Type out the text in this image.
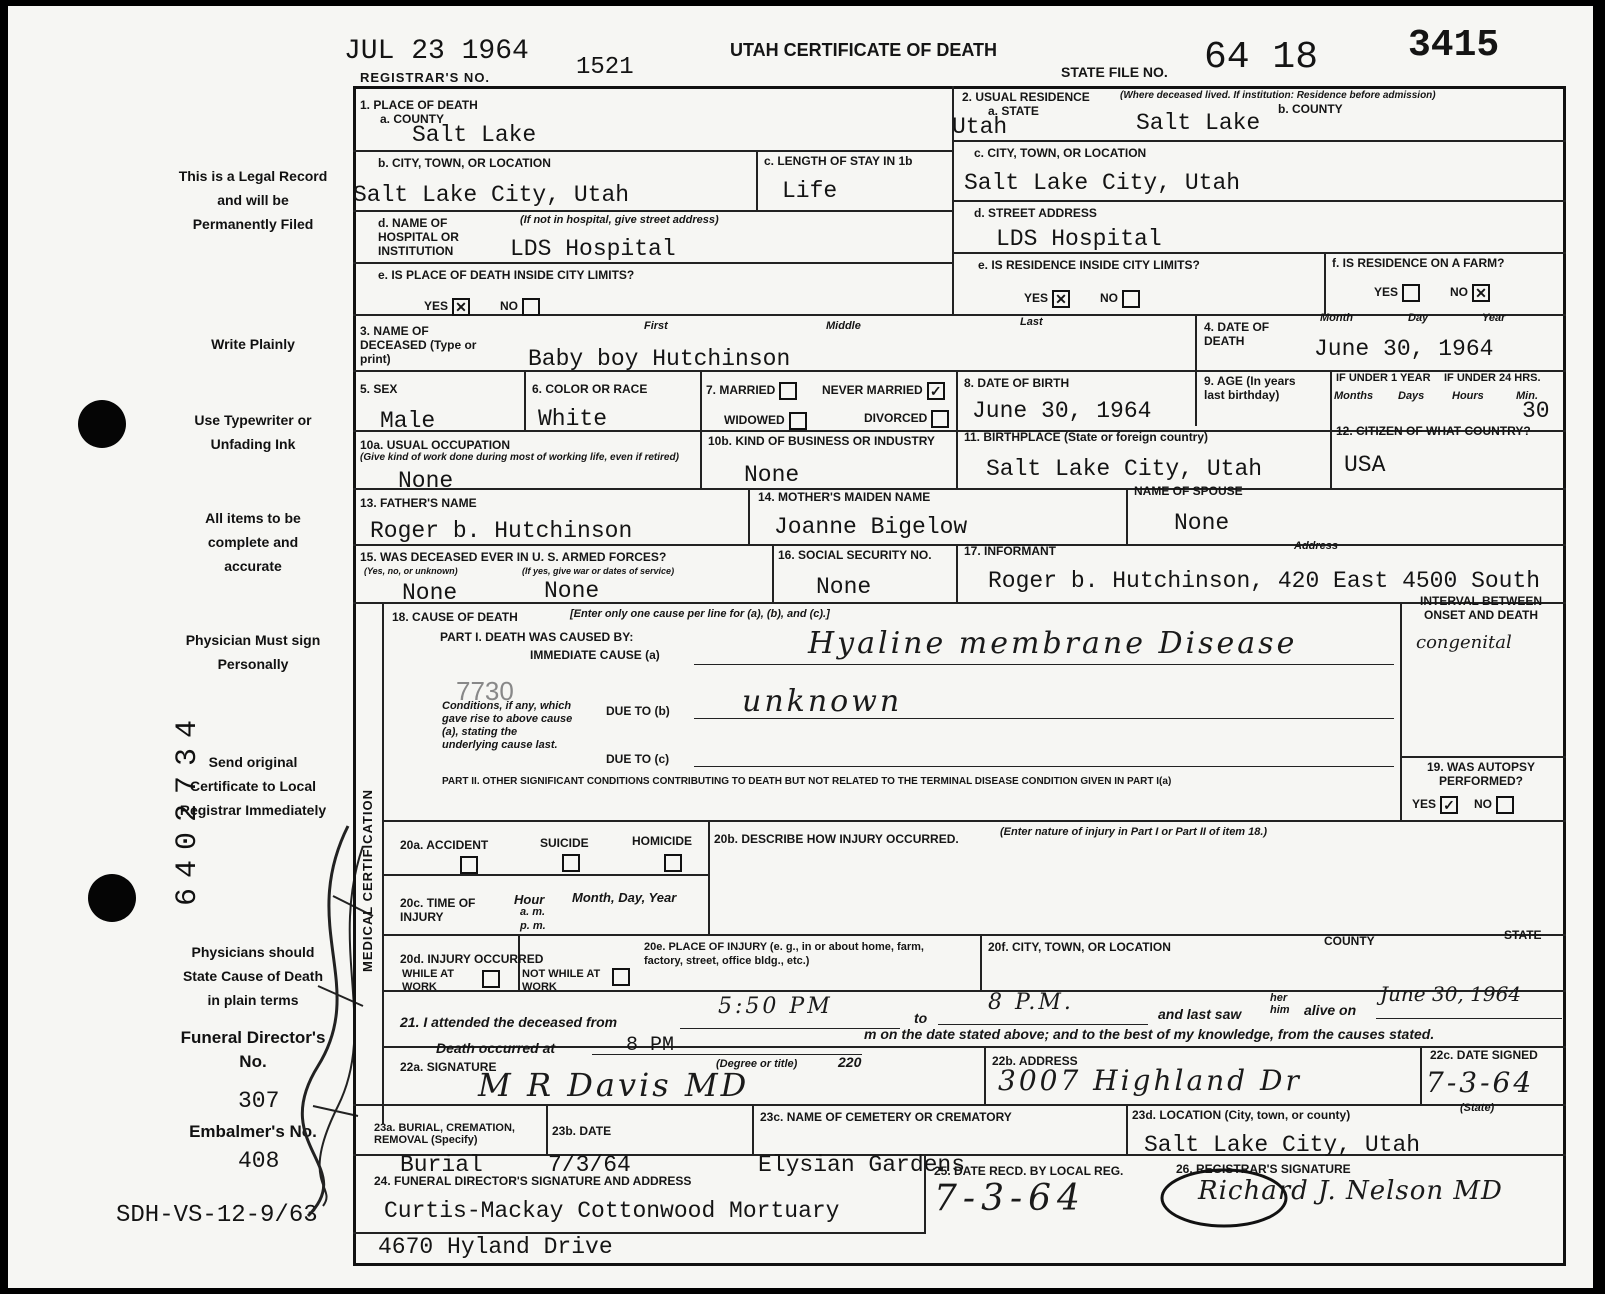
JUL 23 1964
REGISTRAR'S NO.	1521
UTAH CERTIFICATE OF DEATH
STATE FILE NO. 64 18 3415
This is a Legal Record and will be Permanently Filed
Write Plainly
Use Typewriter or Unfading Ink
All items to be complete and accurate
Physician Must sign Personally
Send original Certificate to Local Registrar Immediately
Physicians should State Cause of Death in plain terms
Funeral Director's No.
307
Embalmer's No.
408
SDH-VS-12-9/63
6402734
1. PLACE OF DEATH
a. COUNTY
Salt Lake
2. USUAL RESIDENCE	(Where deceased lived. If institution: Residence before admission)
a. STATE	b. COUNTY
Utah	Salt Lake
b. CITY, TOWN, OR LOCATION
Salt Lake City, Utah
c. LENGTH OF STAY IN 1b
Life
c. CITY, TOWN, OR LOCATION
Salt Lake City, Utah
d. NAME OF HOSPITAL OR INSTITUTION
(If not in hospital, give street address)
LDS Hospital
d. STREET ADDRESS
LDS Hospital
e. IS PLACE OF DEATH INSIDE CITY LIMITS?
YES ✕	NO
e. IS RESIDENCE INSIDE CITY LIMITS?
YES ✕	NO
f. IS RESIDENCE ON A FARM?
YES	NO ✕
3. NAME OF DECEASED (Type or print)
First	Middle	Last
Baby boy Hutchinson
4. DATE OF DEATH
Month	Day	Year
June 30, 1964
5. SEX
Male
6. COLOR OR RACE
White
7. MARRIED	NEVER MARRIED ✓
WIDOWED	DIVORCED
8. DATE OF BIRTH
June 30, 1964
9. AGE (In years last birthday)
IF UNDER 1 YEAR IF UNDER 24 HRS.
Months Days	Hours	Min.
30
10a. USUAL OCCUPATION
(Give kind of work done during most of working life, even if retired)
None
10b. KIND OF BUSINESS OR INDUSTRY
None
11. BIRTHPLACE (State or foreign country)
Salt Lake City, Utah
12. CITIZEN OF WHAT COUNTRY?
USA
13. FATHER'S NAME
Roger b. Hutchinson
14. MOTHER'S MAIDEN NAME
Joanne Bigelow
NAME OF SPOUSE
None
15. WAS DECEASED EVER IN U. S. ARMED FORCES?
(Yes, no, or unknown)	(If yes, give war or dates of service)
None	None
16. SOCIAL SECURITY NO.
None
17. INFORMANT	Address
Roger b. Hutchinson, 420 East 4500 South
MEDICAL CERTIFICATION
18. CAUSE OF DEATH	[Enter only one cause per line for (a), (b), and (c).]
PART I. DEATH WAS CAUSED BY:
IMMEDIATE CAUSE (a)	Hyaline membrane Disease
INTERVAL BETWEEN ONSET AND DEATH
congenital
7730
Conditions, if any, which gave rise to above cause (a), stating the underlying cause last.
DUE TO (b) unknown
DUE TO (c)
PART II. OTHER SIGNIFICANT CONDITIONS CONTRIBUTING TO DEATH BUT NOT RELATED TO THE TERMINAL DISEASE CONDITION GIVEN IN PART I(a)
19. WAS AUTOPSY PERFORMED?
YES ✓ NO
20a. ACCIDENT	SUICIDE	HOMICIDE 20b. DESCRIBE HOW INJURY OCCURRED.	(Enter nature of injury in Part I or Part II of item 18.)
20c. TIME OF INJURY
Hour
a. m.
p. m.
Month, Day, Year
20d. INJURY OCCURRED
WHILE AT WORK
NOT WHILE AT WORK
20e. PLACE OF INJURY (e. g., in or about home, farm, factory, street, office bldg., etc.)
20f. CITY, TOWN, OR LOCATION	COUNTY	STATE
21. I attended the deceased from
5:50 PM	to
8 P.M.	and last saw
her him	alive on
June 30, 1964
Death occurred at	8 PM	m on the date stated above; and to the best of my knowledge, from the causes stated.
22a. SIGNATURE	(Degree or title)	220
M R Davis MD
22b. ADDRESS
3007 Highland Dr
22c. DATE SIGNED
7-3-64
23a. BURIAL, CREMATION, REMOVAL (Specify)
Burial
23b. DATE
7/3/64
23c. NAME OF CEMETERY OR CREMATORY
Elysian Gardens
23d. LOCATION (City, town, or county)	(State)
Salt Lake City, Utah
24. FUNERAL DIRECTOR'S SIGNATURE AND ADDRESS
Curtis-Mackay Cottonwood Mortuary
4670 Hyland Drive
25. DATE RECD. BY LOCAL REG.
7-3-64
26. REGISTRAR'S SIGNATURE
Richard J. Nelson MD
